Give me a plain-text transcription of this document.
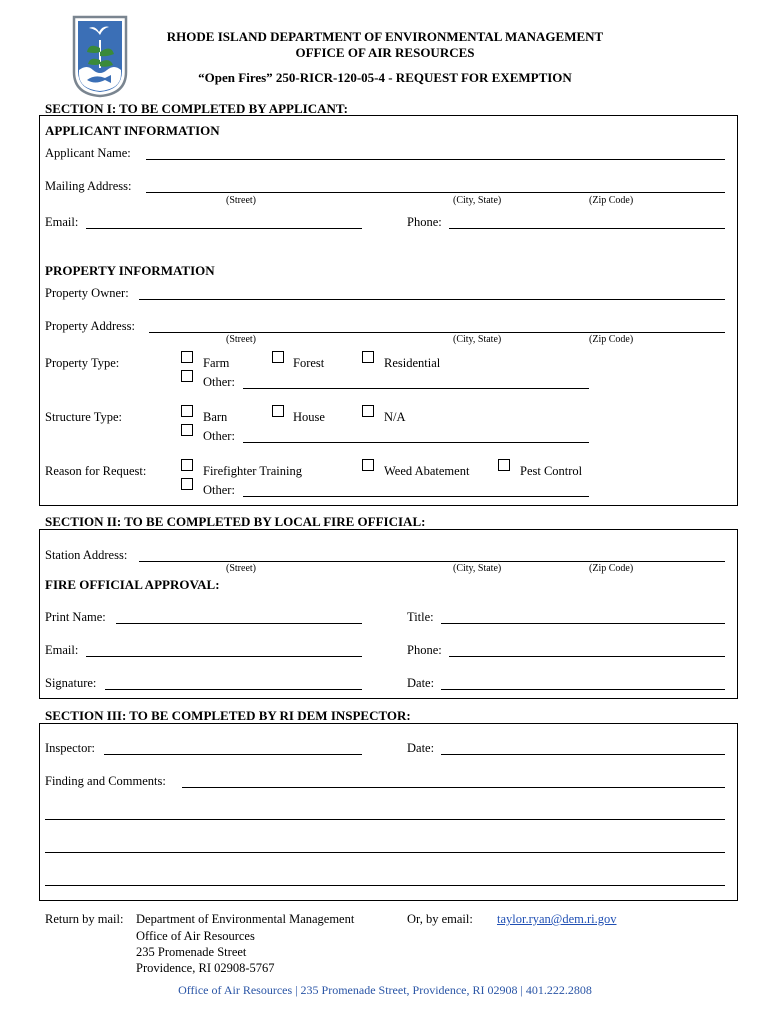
RHODE ISLAND DEPARTMENT OF ENVIRONMENTAL MANAGEMENT
OFFICE OF AIR RESOURCES
“Open Fires” 250-RICR-120-05-4 - REQUEST FOR EXEMPTION
SECTION I: TO BE COMPLETED BY APPLICANT:
APPLICANT INFORMATION
Applicant Name:
Mailing Address:
(Street)	(City, State)	(Zip Code)
Email:	Phone:
PROPERTY INFORMATION
Property Owner:
Property Address:
(Street)	(City, State)	(Zip Code)
Property Type:	Farm	Forest	Residential
Other:
Structure Type:	Barn	House	N/A
Other:
Reason for Request:	Firefighter Training	Weed Abatement	Pest Control
Other:
SECTION II: TO BE COMPLETED BY LOCAL FIRE OFFICIAL:
Station Address:
(Street)	(City, State)	(Zip Code)
FIRE OFFICIAL APPROVAL:
Print Name:	Title:
Email:	Phone:
Signature:	Date:
SECTION III: TO BE COMPLETED BY RI DEM INSPECTOR:
Inspector:	Date:
Finding and Comments:
Return by mail: Department of Environmental Management
Office of Air Resources
235 Promenade Street
Providence, RI 02908-5767
Or, by email: taylor.ryan@dem.ri.gov
Office of Air Resources | 235 Promenade Street, Providence, RI 02908 | 401.222.2808
